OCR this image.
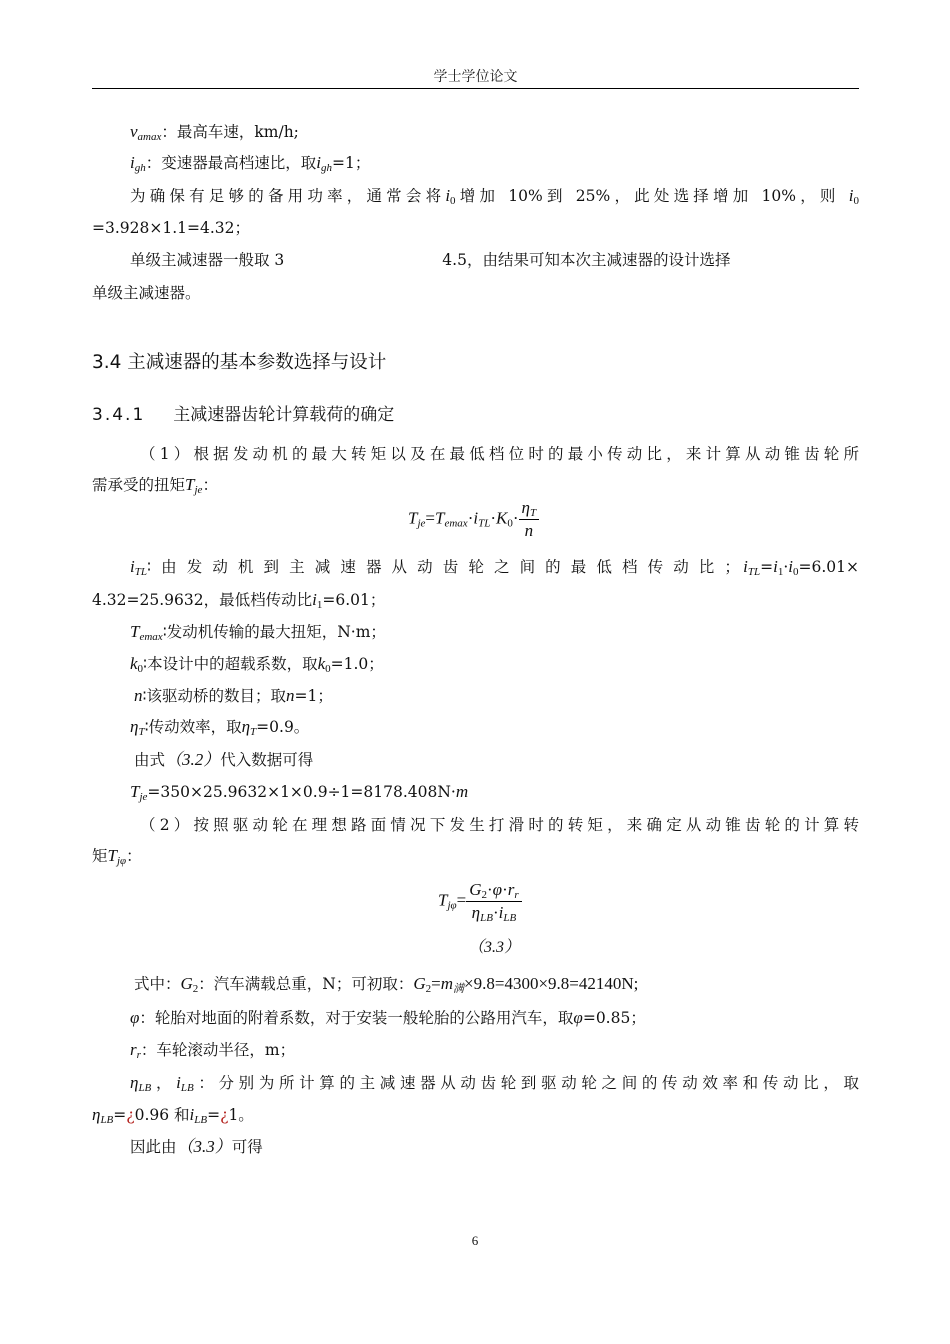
学士学位论文
$v_{amax}$：最高车速，km/h;
$i_{gh}$：变速器最高档速比，取$i_{gh}=1$；
为确保有足够的备用功率，通常会将$i_0$增加 10%到 25%，此处选择增加 10%，则 $i_0$
=3.928×1.1=4.32；
单级主减速器一般取 3	4.5，由结果可知本次主减速器的设计选择
单级主减速器。
3.4 主减速器的基本参数选择与设计
3.4.1 主减速器齿轮计算载荷的确定
（1）根据发动机的最大转矩以及在最低档位时的最小传动比，来计算从动锥齿轮所
需承受的扭矩$T_{je}$：
$T_{je}=T_{emax}\cdot i_{TL}\cdot K_0\cdot \frac{\eta_T}{n}$
$i_{TL}∶$由发动机到主减速器从动齿轮之间的最低档传动比；$i_{TL}=i_1\cdot i_0=6.01\times$
4.32=25.9632，最低档传动比$i_1=6.01$；
$T_{emax}∶$发动机传输的最大扭矩，N·m；
$k_0∶$本设计中的超载系数，取$k_0=1.0$；
n∶该驱动桥的数目；取n=1；
$\eta_T∶$传动效率，取$\eta_T=0.9$。
由式（3.2）代入数据可得
$T_{je}=350\times 25.9632\times 1\times 0.9\div 1=8178.408N\cdot m$
（2）按照驱动轮在理想路面情况下发生打滑时的转矩，来确定从动锥齿轮的计算转
矩$T_{j\varphi}$：
$T_{j\varphi}= \frac{G_2\cdot\varphi\cdot r_r}{\eta_{LB}\cdot i_{LB}}$
（3.3）
式中：$G_2$：汽车满载总重，N；可初取：$G_2=m_满\times 9.8=4300\times 9.8=42140N$;
φ：轮胎对地面的附着系数，对于安装一般轮胎的公路用汽车，取φ=0.85；
$r_r$：车轮滚动半径，m；
$\eta_{LB}$，$i_{LB}$：分别为所计算的主减速器从动齿轮到驱动轮之间的传动效率和传动比，取
$\eta_{LB}=¿0.96$ 和$i_{LB}=¿1$。
因此由（3.3）可得
6
